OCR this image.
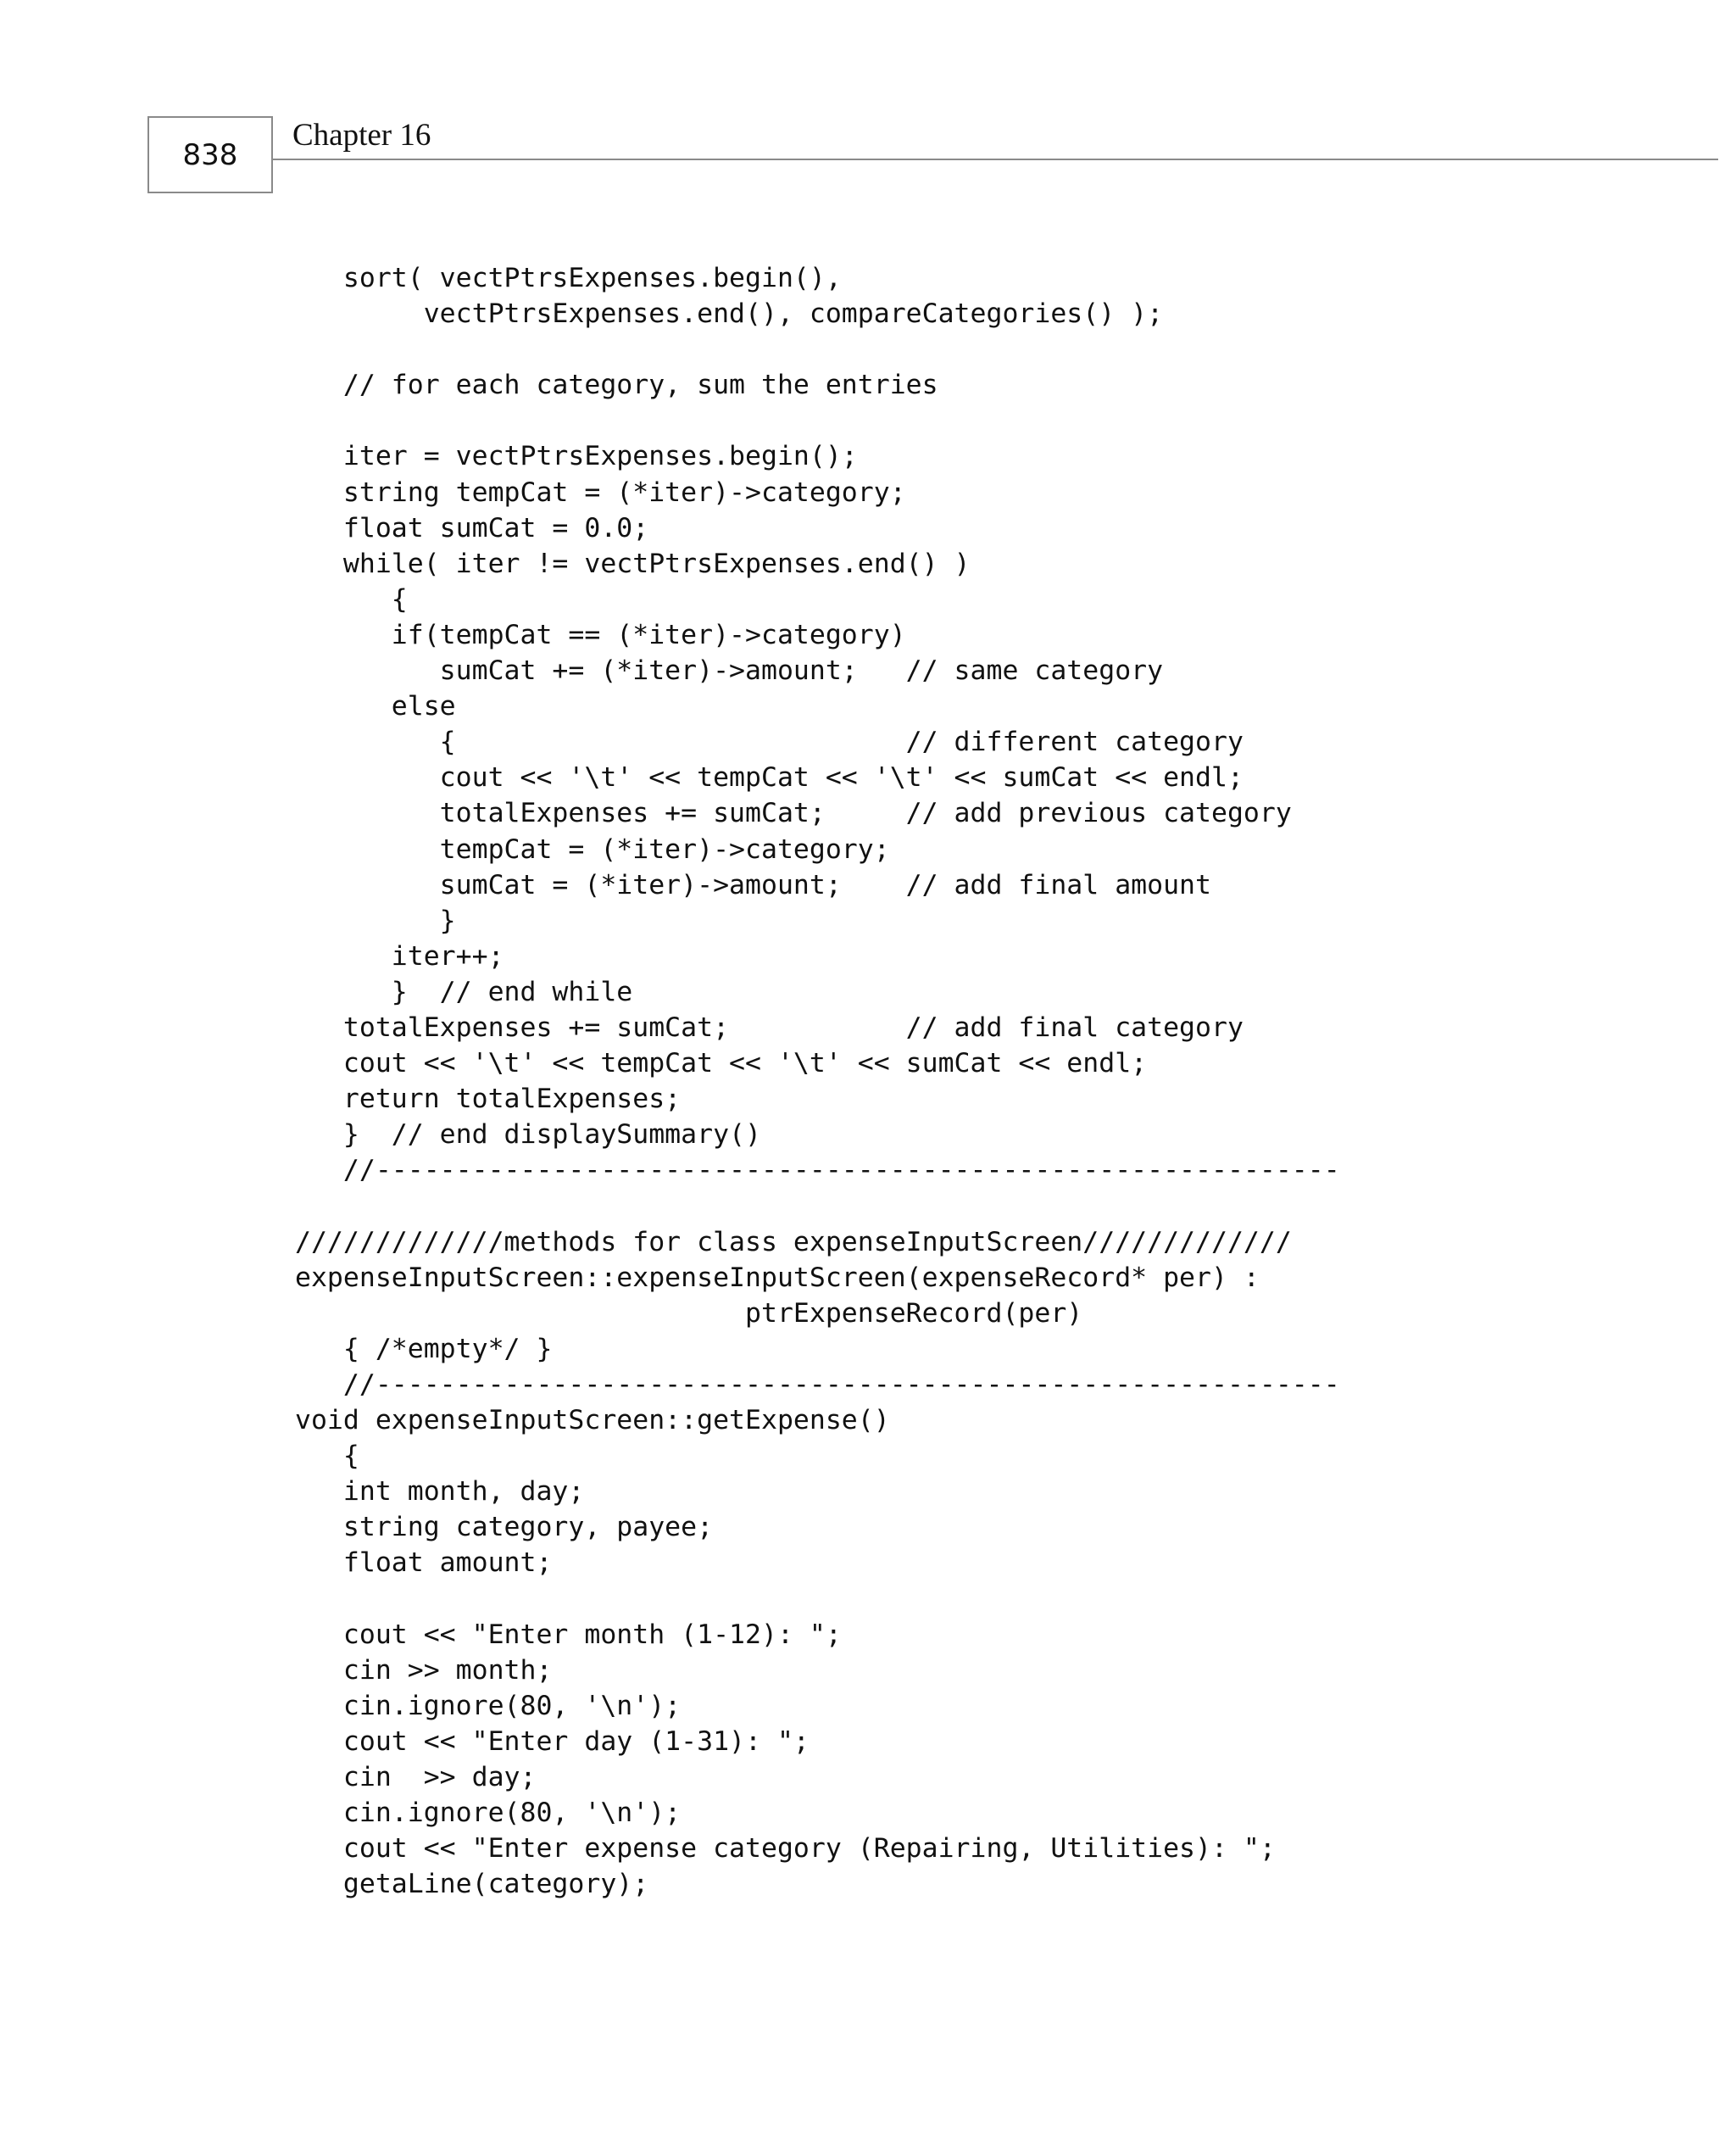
838
Chapter 16
sort( vectPtrsExpenses.begin(),
vectPtrsExpenses.end(), compareCategories() );
// for each category, sum the entries
iter = vectPtrsExpenses.begin();
string tempCat = (*iter)->category;
float sumCat = 0.0;
while( iter != vectPtrsExpenses.end() )
{
if(tempCat == (*iter)->category)
sumCat += (*iter)->amount;   // same category
else
{                            // different category
cout << '\t' << tempCat << '\t' << sumCat << endl;
totalExpenses += sumCat;     // add previous category
tempCat = (*iter)->category;
sumCat = (*iter)->amount;    // add final amount
}
iter++;
}  // end while
totalExpenses += sumCat;           // add final category
cout << '\t' << tempCat << '\t' << sumCat << endl;
return totalExpenses;
}  // end displaySummary()
//------------------------------------------------------------
/////////////methods for class expenseInputScreen/////////////
expenseInputScreen::expenseInputScreen(expenseRecord* per) :
ptrExpenseRecord(per)
{ /*empty*/ }
//------------------------------------------------------------
void expenseInputScreen::getExpense()
{
int month, day;
string category, payee;
float amount;
cout << "Enter month (1-12): ";
cin >> month;
cin.ignore(80, '\n');
cout << "Enter day (1-31): ";
cin  >> day;
cin.ignore(80, '\n');
cout << "Enter expense category (Repairing, Utilities): ";
getaLine(category);
